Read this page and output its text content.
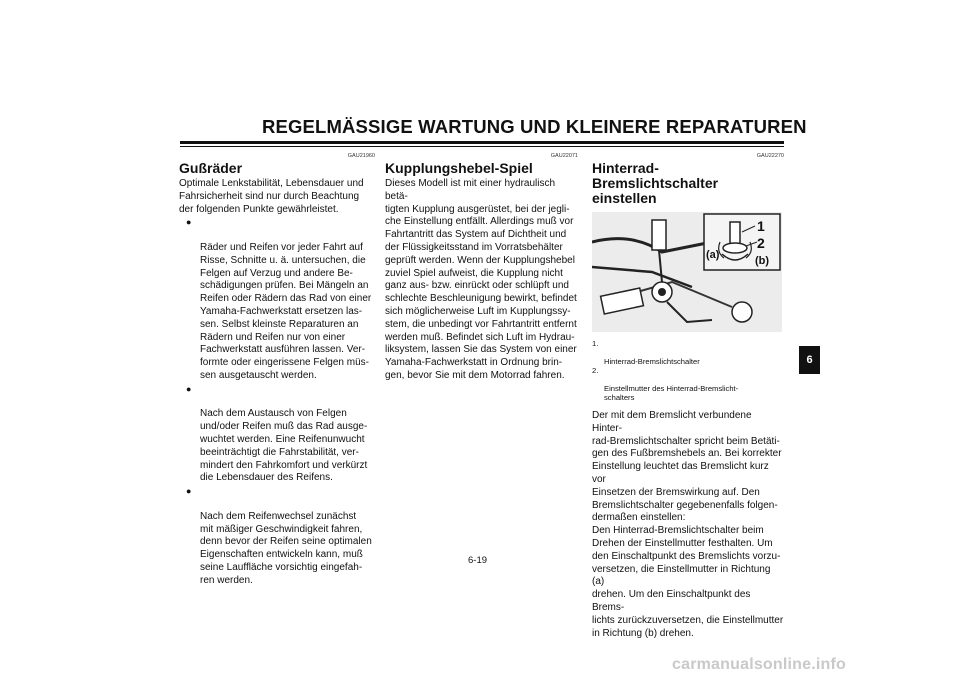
REGELMÄSSIGE WARTUNG UND KLEINERE REPARATUREN
GAU21960
Gußräder

Optimale Lenkstabilität, Lebensdauer und
Fahrsicherheit sind nur durch Beachtung
der folgenden Punkte gewährleistet.

●

Räder und Reifen vor jeder Fahrt auf
Risse, Schnitte u. ä. untersuchen, die
Felgen auf Verzug und andere Be-
schädigungen prüfen. Bei Mängeln an
Reifen oder Rädern das Rad von einer
Yamaha-Fachwerkstatt ersetzen las-
sen. Selbst kleinste Reparaturen an
Rädern und Reifen nur von einer
Fachwerkstatt ausführen lassen. Ver-
formte oder eingerissene Felgen müs-
sen ausgetauscht werden.

●

Nach dem Austausch von Felgen
und/oder Reifen muß das Rad ausge-
wuchtet werden. Eine Reifenunwucht
beeinträchtigt die Fahrstabilität, ver-
mindert den Fahrkomfort und verkürzt
die Lebensdauer des Reifens.

●

Nach dem Reifenwechsel zunächst
mit mäßiger Geschwindigkeit fahren,
denn bevor der Reifen seine optimalen
Eigenschaften entwickeln kann, muß
seine Lauffläche vorsichtig eingefah-
ren werden.

GAU22071
Kupplungshebel-Spiel

Dieses Modell ist mit einer hydraulisch betä-
tigten Kupplung ausgerüstet, bei der jegli-
che Einstellung entfällt. Allerdings muß vor
Fahrtantritt das System auf Dichtheit und
der Flüssigkeitsstand im Vorratsbehälter
geprüft werden. Wenn der Kupplungshebel
zuviel Spiel aufweist, die Kupplung nicht
ganz aus- bzw. einrückt oder schlüpft und
schlechte Beschleunigung bewirkt, befindet
sich möglicherweise Luft im Kupplungssy-
stem, die unbedingt vor Fahrtantritt entfernt
werden muß. Befindet sich Luft im Hydrau-
liksystem, lassen Sie das System von einer
Yamaha-Fachwerkstatt in Ordnung brin-
gen, bevor Sie mit dem Motorrad fahren.

GAU22270
Hinterrad-Bremslichtschalter
einstellen
1
2
(a)	(b)

1.

Hinterrad-Bremslichtschalter

2.

Einstellmutter des Hinterrad-Bremslicht-
schalters

Der mit dem Bremslicht verbundene Hinter-
rad-Bremslichtschalter spricht beim Betäti-
gen des Fußbremshebels an. Bei korrekter
Einstellung leuchtet das Bremslicht kurz vor
Einsetzen der Bremswirkung auf. Den
Bremslichtschalter gegebenenfalls folgen-
dermaßen einstellen:
Den Hinterrad-Bremslichtschalter beim
Drehen der Einstellmutter festhalten. Um
den Einschaltpunkt des Bremslichts vorzu-
versetzen, die Einstellmutter in Richtung (a)
drehen. Um den Einschaltpunkt des Brems-
lichts zurückzuversetzen, die Einstellmutter
in Richtung (b) drehen.

6
6-19
carmanualsonline.info
